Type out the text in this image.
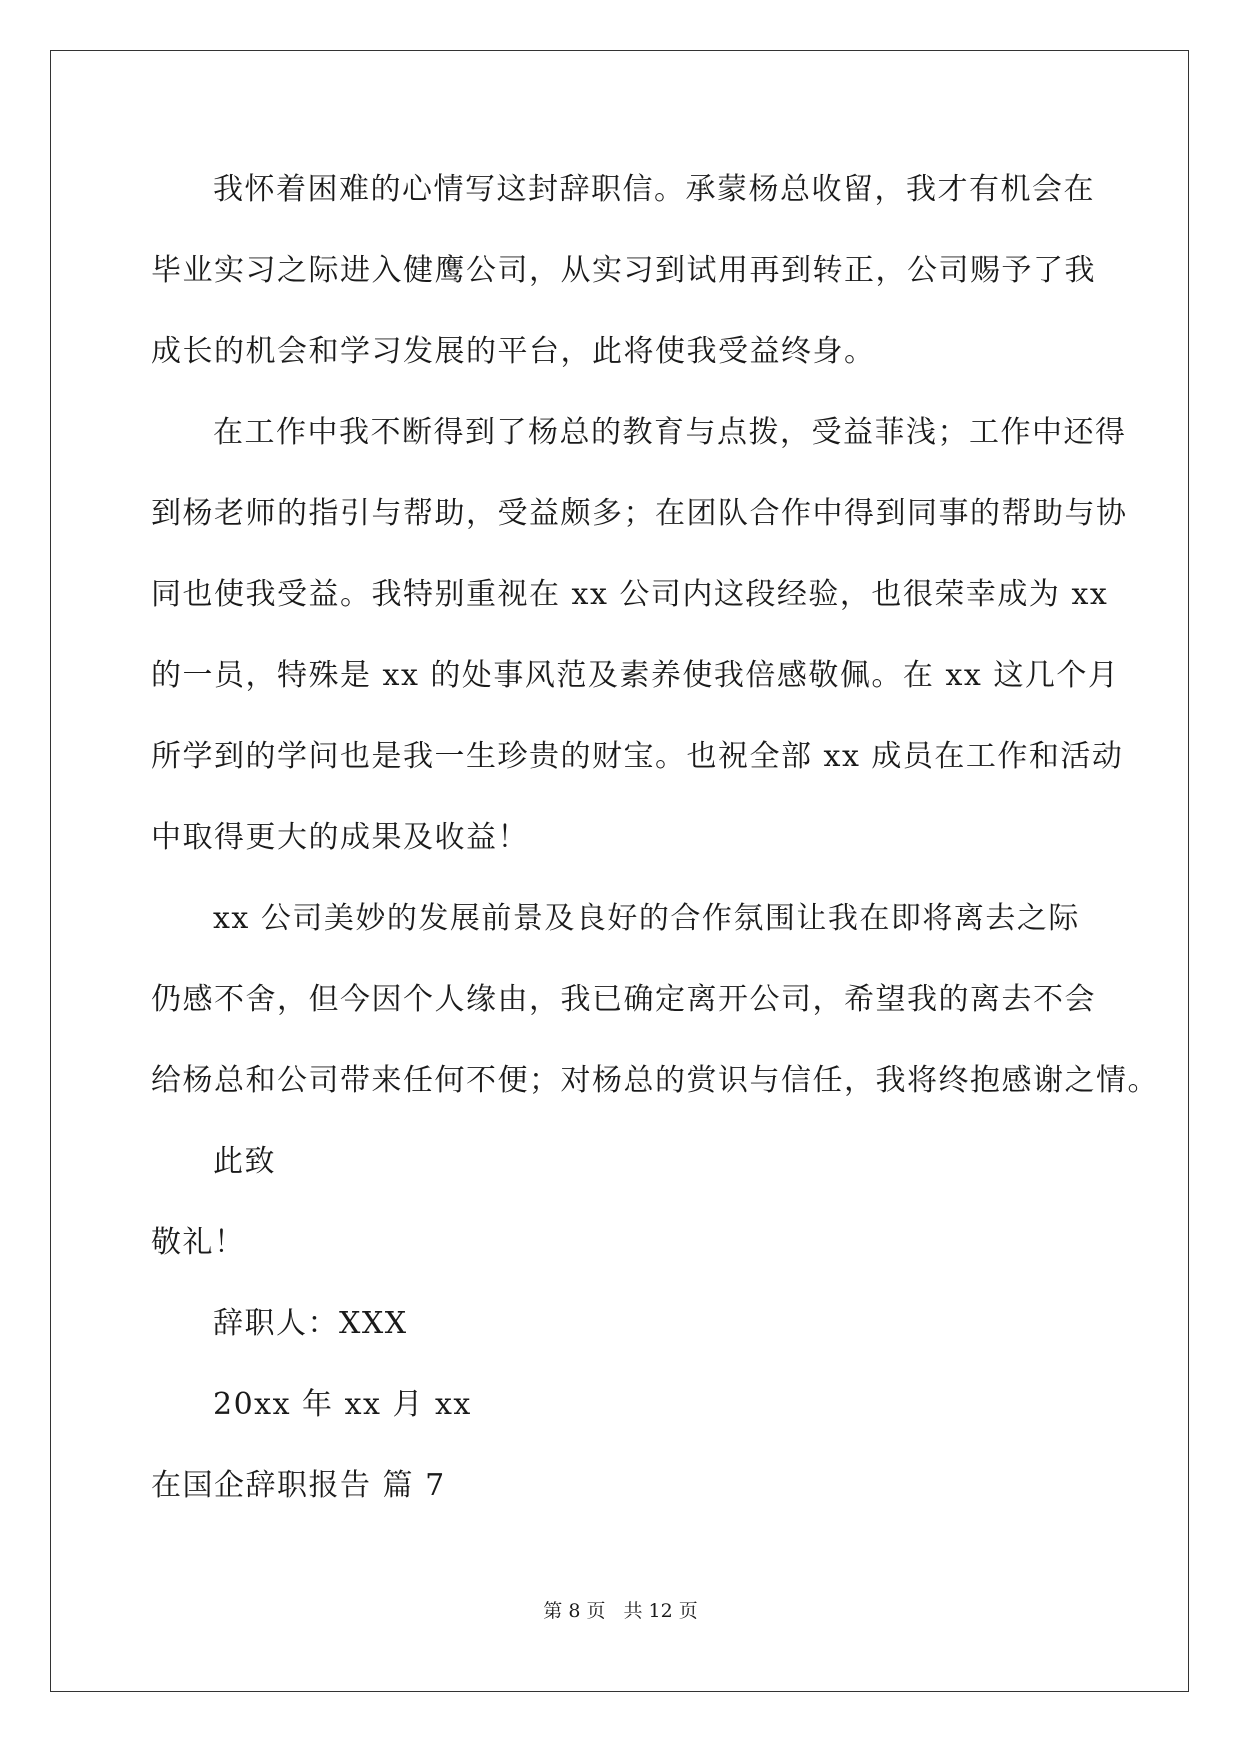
我怀着困难的心情写这封辞职信。承蒙杨总收留，我才有机会在
毕业实习之际进入健鹰公司，从实习到试用再到转正，公司赐予了我
成长的机会和学习发展的平台，此将使我受益终身。
在工作中我不断得到了杨总的教育与点拨，受益菲浅；工作中还得
到杨老师的指引与帮助，受益颇多；在团队合作中得到同事的帮助与协
同也使我受益。我特别重视在 xx 公司内这段经验，也很荣幸成为 xx
的一员，特殊是 xx 的处事风范及素养使我倍感敬佩。在 xx 这几个月
所学到的学问也是我一生珍贵的财宝。也祝全部 xx 成员在工作和活动
中取得更大的成果及收益！
xx 公司美妙的发展前景及良好的合作氛围让我在即将离去之际
仍感不舍，但今因个人缘由，我已确定离开公司，希望我的离去不会
给杨总和公司带来任何不便；对杨总的赏识与信任，我将终抱感谢之情。
此致
敬礼！
辞职人：XXX
20xx 年 xx 月 xx
在国企辞职报告 篇 7
第 8 页 共 12 页
